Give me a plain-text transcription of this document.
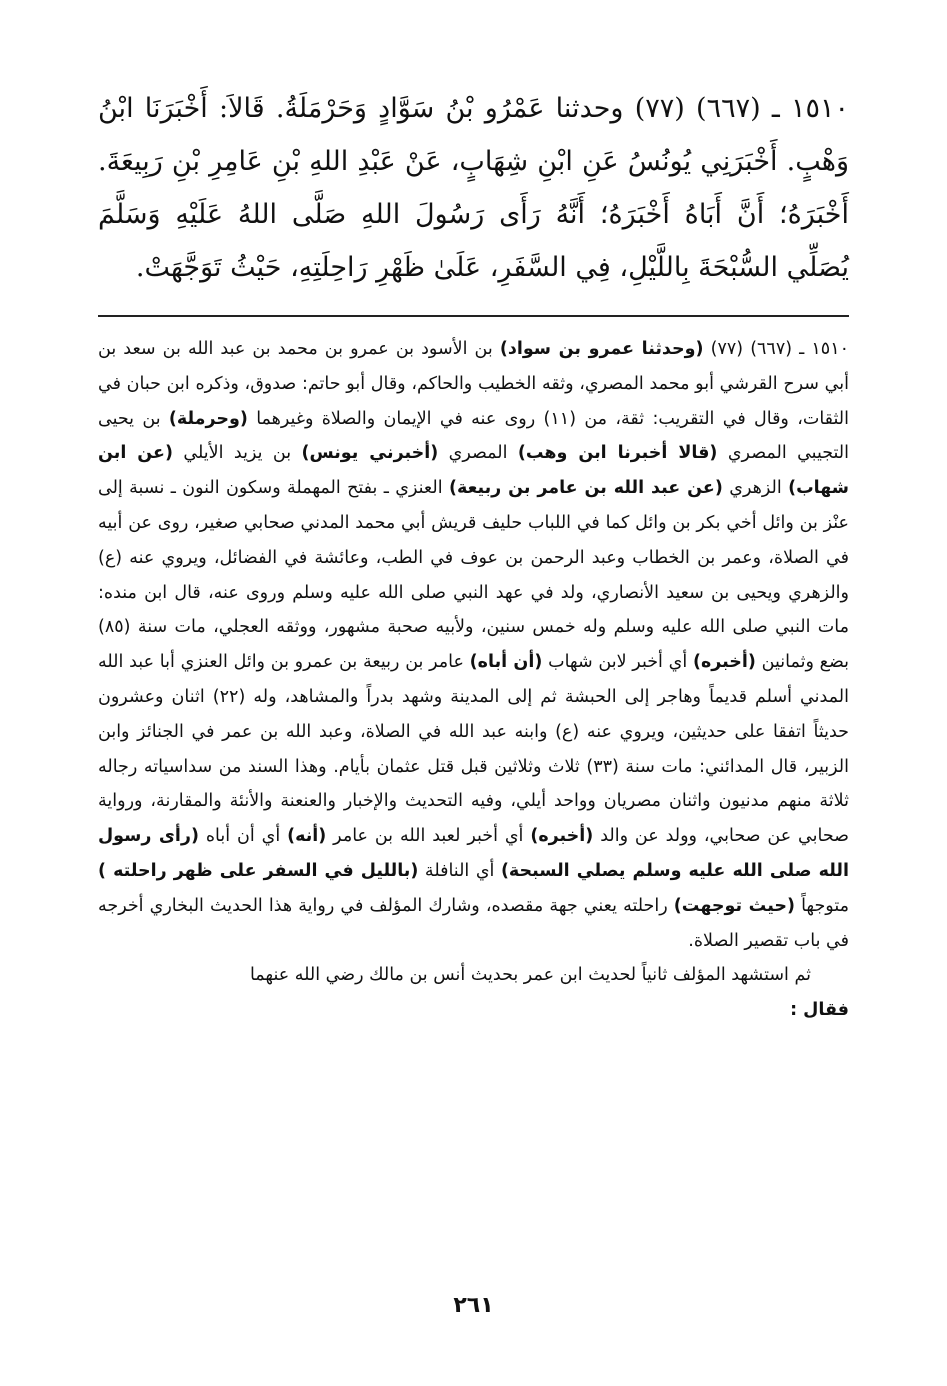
١٥١٠ ـ (٦٦٧) (٧٧) وحدثنا عَمْرُو بْنُ سَوَّادٍ وَحَرْمَلَةُ. قَالاَ: أَخْبَرَنَا ابْنُ وَهْبٍ. أَخْبَرَنِي يُونُسُ عَنِ ابْنِ شِهَابٍ، عَنْ عَبْدِ اللهِ بْنِ عَامِرِ بْنِ رَبِيعَةَ. أَخْبَرَهُ؛ أَنَّ أَبَاهُ أَخْبَرَهُ؛ أَنَّهُ رَأَى رَسُولَ اللهِ صَلَّى اللهُ عَلَيْهِ وَسَلَّمَ يُصَلِّي السُّبْحَةَ بِاللَّيْلِ، فِي السَّفَرِ، عَلَىٰ ظَهْرِ رَاحِلَتِهِ، حَيْثُ تَوَجَّهَتْ.

١٥١٠ ـ (٦٦٧) (٧٧) (وحدثنا عمرو بن سواد) بن الأسود بن عمرو بن محمد بن عبد الله بن سعد بن أبي سرح القرشي أبو محمد المصري، وثقه الخطيب والحاكم، وقال أبو حاتم: صدوق، وذكره ابن حبان في الثقات، وقال في التقريب: ثقة، من (١١) روى عنه في الإيمان والصلاة وغيرهما (وحرملة) بن يحيى التجيبي المصري (قالا أخبرنا ابن وهب) المصري (أخبرني يونس) بن يزيد الأيلي (عن ابن شهاب) الزهري (عن عبد الله بن عامر بن ربيعة) العنزي ـ بفتح المهملة وسكون النون ـ نسبة إلى عنْز بن وائل أخي بكر بن وائل كما في اللباب حليف قريش أبي محمد المدني صحابي صغير، روى عن أبيه في الصلاة، وعمر بن الخطاب وعبد الرحمن بن عوف في الطب، وعائشة في الفضائل، ويروي عنه (ع) والزهري ويحيى بن سعيد الأنصاري، ولد في عهد النبي صلى الله عليه وسلم وروى عنه، قال ابن منده: مات النبي صلى الله عليه وسلم وله خمس سنين، ولأبيه صحبة مشهور، ووثقه العجلي، مات سنة (٨٥) بضع وثمانين (أخبره) أي أخبر لابن شهاب (أن أباه) عامر بن ربيعة بن عمرو بن وائل العنزي أبا عبد الله المدني أسلم قديماً وهاجر إلى الحبشة ثم إلى المدينة وشهد بدراً والمشاهد، وله (٢٢) اثنان وعشرون حديثاً اتفقا على حديثين، ويروي عنه (ع) وابنه عبد الله في الصلاة، وعبد الله بن عمر في الجنائز وابن الزبير، قال المدائني: مات سنة (٣٣) ثلاث وثلاثين قبل قتل عثمان بأيام. وهذا السند من سداسياته رجاله ثلاثة منهم مدنيون واثنان مصريان وواحد أيلي، وفيه التحديث والإخبار والعنعنة والأنئة والمقارنة، ورواية صحابي عن صحابي، وولد عن والد (أخبره) أي أخبر لعبد الله بن عامر (أنه) أي أن أباه (رأى رسول الله صلى الله عليه وسلم يصلي السبحة) أي النافلة (بالليل في السفر على ظهر راحلته ) متوجهاً (حيث توجهت) راحلته يعني جهة مقصده، وشارك المؤلف في رواية هذا الحديث البخاري أخرجه في باب تقصير الصلاة.

ثم استشهد المؤلف ثانياً لحديث ابن عمر بحديث أنس بن مالك رضي الله عنهما

فقال :

٢٦١
